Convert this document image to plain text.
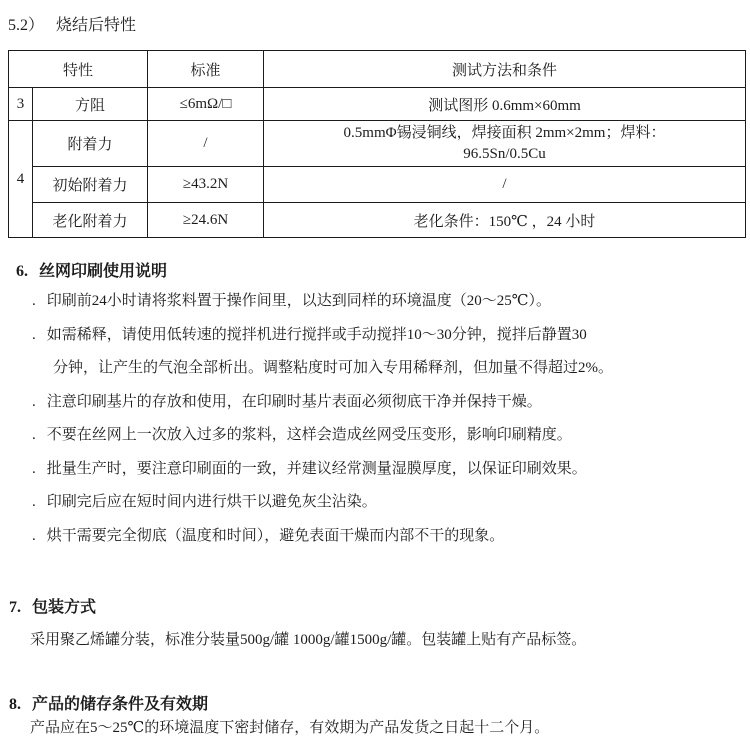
5.2） 烧结后特性
特性		标准	测试方法和条件
3	方阻	≤6mΩ/□	测试图形 0.6mm×60mm
4	附着力	/	0.5mmΦ锡浸铜线，焊接面积 2mm×2mm；焊料：
96.5Sn/0.5Cu
	初始附着力	≥43.2N	/
	老化附着力	≥24.6N	老化条件：150℃ ，24 小时
6. 丝网印刷使用说明
. 印刷前24小时请将浆料置于操作间里，以达到同样的环境温度（20～25℃）。
. 如需稀释，请使用低转速的搅拌机进行搅拌或手动搅拌10～30分钟，搅拌后静置30
分钟，让产生的气泡全部析出。调整粘度时可加入专用稀释剂，但加量不得超过2%。
. 注意印刷基片的存放和使用，在印刷时基片表面必须彻底干净并保持干燥。
. 不要在丝网上一次放入过多的浆料，这样会造成丝网受压变形，影响印刷精度。
. 批量生产时，要注意印刷面的一致，并建议经常测量湿膜厚度，以保证印刷效果。
. 印刷完后应在短时间内进行烘干以避免灰尘沾染。
. 烘干需要完全彻底（温度和时间），避免表面干燥而内部不干的现象。
7. 包装方式
采用聚乙烯罐分装，标准分装量500g/罐 1000g/罐1500g/罐。包装罐上贴有产品标签。
8. 产品的储存条件及有效期
产品应在5～25℃的环境温度下密封储存，有效期为产品发货之日起十二个月。
